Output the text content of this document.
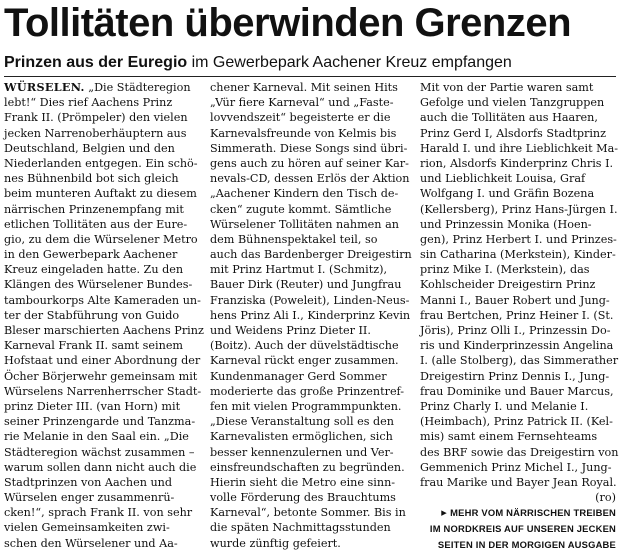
Tollitäten überwinden Grenzen
Prinzen aus der Euregio im Gewerbepark Aachener Kreuz empfangen
WÜRSELEN. „Die Städteregion
lebt!“ Dies rief Aachens Prinz
Frank II. (Prömpeler) den vielen
jecken Narrenoberhäuptern aus
Deutschland, Belgien und den
Niederlanden entgegen. Ein schö-
nes Bühnenbild bot sich gleich
beim munteren Auftakt zu diesem
närrischen Prinzenempfang mit
etlichen Tollitäten aus der Eure-
gio, zu dem die Würselener Metro
in den Gewerbepark Aachener
Kreuz eingeladen hatte. Zu den
Klängen des Würselener Bundes-
tambourkorps Alte Kameraden un-
ter der Stabführung von Guido
Bleser marschierten Aachens Prinz
Karneval Frank II. samt seinem
Hofstaat und einer Abordnung der
Öcher Börjerwehr gemeinsam mit
Würselens Narrenherrscher Stadt-
prinz Dieter III. (van Horn) mit
seiner Prinzengarde und Tanzma-
rie Melanie in den Saal ein. „Die
Städteregion wächst zusammen –
warum sollen dann nicht auch die
Stadtprinzen von Aachen und
Würselen enger zusammenrü-
cken!“, sprach Frank II. von sehr
vielen Gemeinsamkeiten zwi-
schen den Würselener und Aa-
chener Karneval. Mit seinen Hits
„Vür fiere Karneval“ und „Faste-
lovvendszeit“ begeisterte er die
Karnevalsfreunde von Kelmis bis
Simmerath. Diese Songs sind übri-
gens auch zu hören auf seiner Kar-
nevals-CD, dessen Erlös der Aktion
„Aachener Kindern den Tisch de-
cken“ zugute kommt. Sämtliche
Würselener Tollitäten nahmen an
dem Bühnenspektakel teil, so
auch das Bardenberger Dreigestirn
mit Prinz Hartmut I. (Schmitz),
Bauer Dirk (Reuter) und Jungfrau
Franziska (Poweleit), Linden-Neus-
hens Prinz Ali I., Kinderprinz Kevin
und Weidens Prinz Dieter II.
(Boitz). Auch der düvelstädtische
Karneval rückt enger zusammen.
Kundenmanager Gerd Sommer
moderierte das große Prinzentref-
fen mit vielen Programmpunkten.
„Diese Veranstaltung soll es den
Karnevalisten ermöglichen, sich
besser kennenzulernen und Ver-
einsfreundschaften zu begründen.
Hierin sieht die Metro eine sinn-
volle Förderung des Brauchtums
Karneval“, betonte Sommer. Bis in
die späten Nachmittagsstunden
wurde zünftig gefeiert.
Mit von der Partie waren samt
Gefolge und vielen Tanzgruppen
auch die Tollitäten aus Haaren,
Prinz Gerd I, Alsdorfs Stadtprinz
Harald I. und ihre Lieblichkeit Ma-
rion, Alsdorfs Kinderprinz Chris I.
und Lieblichkeit Louisa, Graf
Wolfgang I. und Gräfin Bozena
(Kellersberg), Prinz Hans-Jürgen I.
und Prinzessin Monika (Hoen-
gen), Prinz Herbert I. und Prinzes-
sin Catharina (Merkstein), Kinder-
prinz Mike I. (Merkstein), das
Kohlscheider Dreigestirn Prinz
Manni I., Bauer Robert und Jung-
frau Bertchen, Prinz Heiner I. (St.
Jöris), Prinz Olli I., Prinzessin Do-
ris und Kinderprinzessin Angelina
I. (alle Stolberg), das Simmerather
Dreigestirn Prinz Dennis I., Jung-
frau Dominike und Bauer Marcus,
Prinz Charly I. und Melanie I.
(Heimbach), Prinz Patrick II. (Kel-
mis) samt einem Fernsehteams
des BRF sowie das Dreigestirn von
Gemmenich Prinz Michel I., Jung-
frau Marike und Bayer Jean Royal.
(ro)
▸ MEHR VOM NÄRRISCHEN TREIBEN
IM NORDKREIS AUF UNSEREN JECKEN
SEITEN IN DER MORGIGEN AUSGABE
